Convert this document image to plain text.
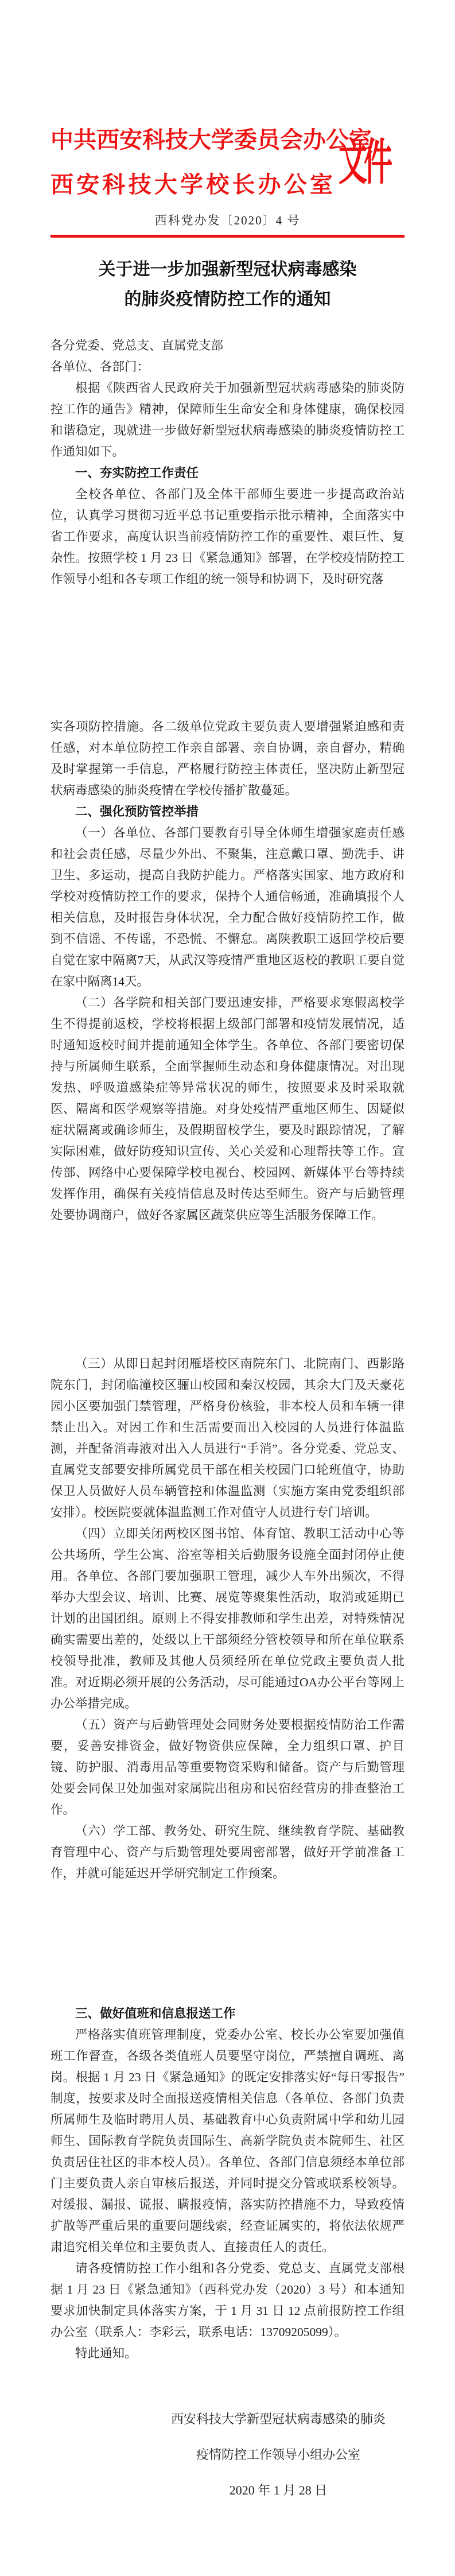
中共西安科技大学委员会办公室
西安科技大学校长办公室 文件
西科党办发〔2020〕4 号
关于进一步加强新型冠状病毒感染
的肺炎疫情防控工作的通知

各分党委、党总支、直属党支部

各单位、各部门：

根据《陕西省人民政府关于加强新型冠状病毒感染的肺炎防控工作的通告》精神，保障师生生命安全和身体健康，确保校园和谐稳定，现就进一步做好新型冠状病毒感染的肺炎疫情防控工作通知如下。

一、夯实防控工作责任

全校各单位、各部门及全体干部师生要进一步提高政治站位，认真学习贯彻习近平总书记重要指示批示精神，全面落实中省工作要求，高度认识当前疫情防控工作的重要性、艰巨性、复杂性。按照学校 1 月 23 日《紧急通知》部署，在学校疫情防控工作领导小组和各专项工作组的统一领导和协调下，及时研究落

实各项防控措施。各二级单位党政主要负责人要增强紧迫感和责任感，对本单位防控工作亲自部署、亲自协调，亲自督办，精确及时掌握第一手信息，严格履行防控主体责任，坚决防止新型冠状病毒感染的肺炎疫情在学校传播扩散蔓延。

二、强化预防管控举措

（一）各单位、各部门要教育引导全体师生增强家庭责任感和社会责任感，尽量少外出、不聚集，注意戴口罩、勤洗手、讲卫生、多运动，提高自我防护能力。严格落实国家、地方政府和学校对疫情防控工作的要求，保持个人通信畅通，准确填报个人相关信息，及时报告身体状况，全力配合做好疫情防控工作，做到不信谣、不传谣，不恐慌、不懈怠。离陕教职工返回学校后要自觉在家中隔离7天，从武汉等疫情严重地区返校的教职工要自觉在家中隔离14天。

（二）各学院和相关部门要迅速安排，严格要求寒假离校学生不得提前返校，学校将根据上级部门部署和疫情发展情况，适时通知返校时间并提前通知全体学生。各单位、各部门要密切保持与所属师生联系，全面掌握师生动态和身体健康情况。对出现发热、呼吸道感染症等异常状况的师生，按照要求及时采取就医、隔离和医学观察等措施。对身处疫情严重地区师生、因疑似症状隔离或确诊师生，及假期留校学生，要及时跟踪情况，了解实际困难，做好防疫知识宣传、关心关爱和心理帮扶等工作。宣传部、网络中心要保障学校电视台、校园网、新媒体平台等持续发挥作用，确保有关疫情信息及时传达至师生。资产与后勤管理处要协调商户，做好各家属区蔬菜供应等生活服务保障工作。

（三）从即日起封闭雁塔校区南院东门、北院南门、西影路院东门，封闭临潼校区骊山校园和秦汉校园，其余大门及天豪花园小区要加强门禁管理，严格身份核验，非本校人员和车辆一律禁止出入。对因工作和生活需要而出入校园的人员进行体温监测，并配备消毒液对出入人员进行“手消”。各分党委、党总支、直属党支部要安排所属党员干部在相关校园门口轮班值守，协助保卫人员做好人员车辆管控和体温监测（实施方案由党委组织部安排）。校医院要就体温监测工作对值守人员进行专门培训。

（四）立即关闭两校区图书馆、体育馆、教职工活动中心等公共场所，学生公寓、浴室等相关后勤服务设施全面封闭停止使用。各单位、各部门要加强职工管理，减少人车外出频次，不得举办大型会议、培训、比赛、展览等聚集性活动，取消或延期已计划的出国团组。原则上不得安排教师和学生出差，对特殊情况确实需要出差的，处级以上干部须经分管校领导和所在单位联系校领导批准，教师及其他人员须经所在单位党政主要负责人批准。对近期必须开展的公务活动，尽可能通过OA办公平台等网上办公举措完成。

（五）资产与后勤管理处会同财务处要根据疫情防治工作需要，妥善安排资金，做好物资供应保障，全力组织口罩、护目镜、防护服、消毒用品等重要物资采购和储备。资产与后勤管理处要会同保卫处加强对家属院出租房和民宿经营房的排查整治工作。

（六）学工部、教务处、研究生院、继续教育学院、基础教育管理中心、资产与后勤管理处要周密部署，做好开学前准备工作，并就可能延迟开学研究制定工作预案。

三、做好值班和信息报送工作

严格落实值班管理制度，党委办公室、校长办公室要加强值班工作督查，各级各类值班人员要坚守岗位，严禁擅自调班、离岗。根据 1 月 23 日《紧急通知》的既定安排落实好“每日零报告”制度，按要求及时全面报送疫情相关信息（各单位、各部门负责所属师生及临时聘用人员、基础教育中心负责附属中学和幼儿园师生、国际教育学院负责国际生、高新学院负责本院师生、社区负责居住社区的非本校人员）。各单位、各部门信息须经本单位部门主要负责人亲自审核后报送，并同时提交分管或联系校领导。对缓报、漏报、谎报、瞒报疫情，落实防控措施不力，导致疫情扩散等严重后果的重要问题线索，经查证属实的，将依法依规严肃追究相关单位和主要负责人、直接责任人的责任。

请各疫情防控工作小组和各分党委、党总支、直属党支部根据 1 月 23 日《紧急通知》（西科党办发（2020）3 号）和本通知要求加快制定具体落实方案，于 1 月 31 日 12 点前报防控工作组办公室（联系人：李彩云，联系电话：13709205099）。

特此通知。

西安科技大学新型冠状病毒感染的肺炎
疫情防控工作领导小组办公室
2020 年 1 月 28 日
